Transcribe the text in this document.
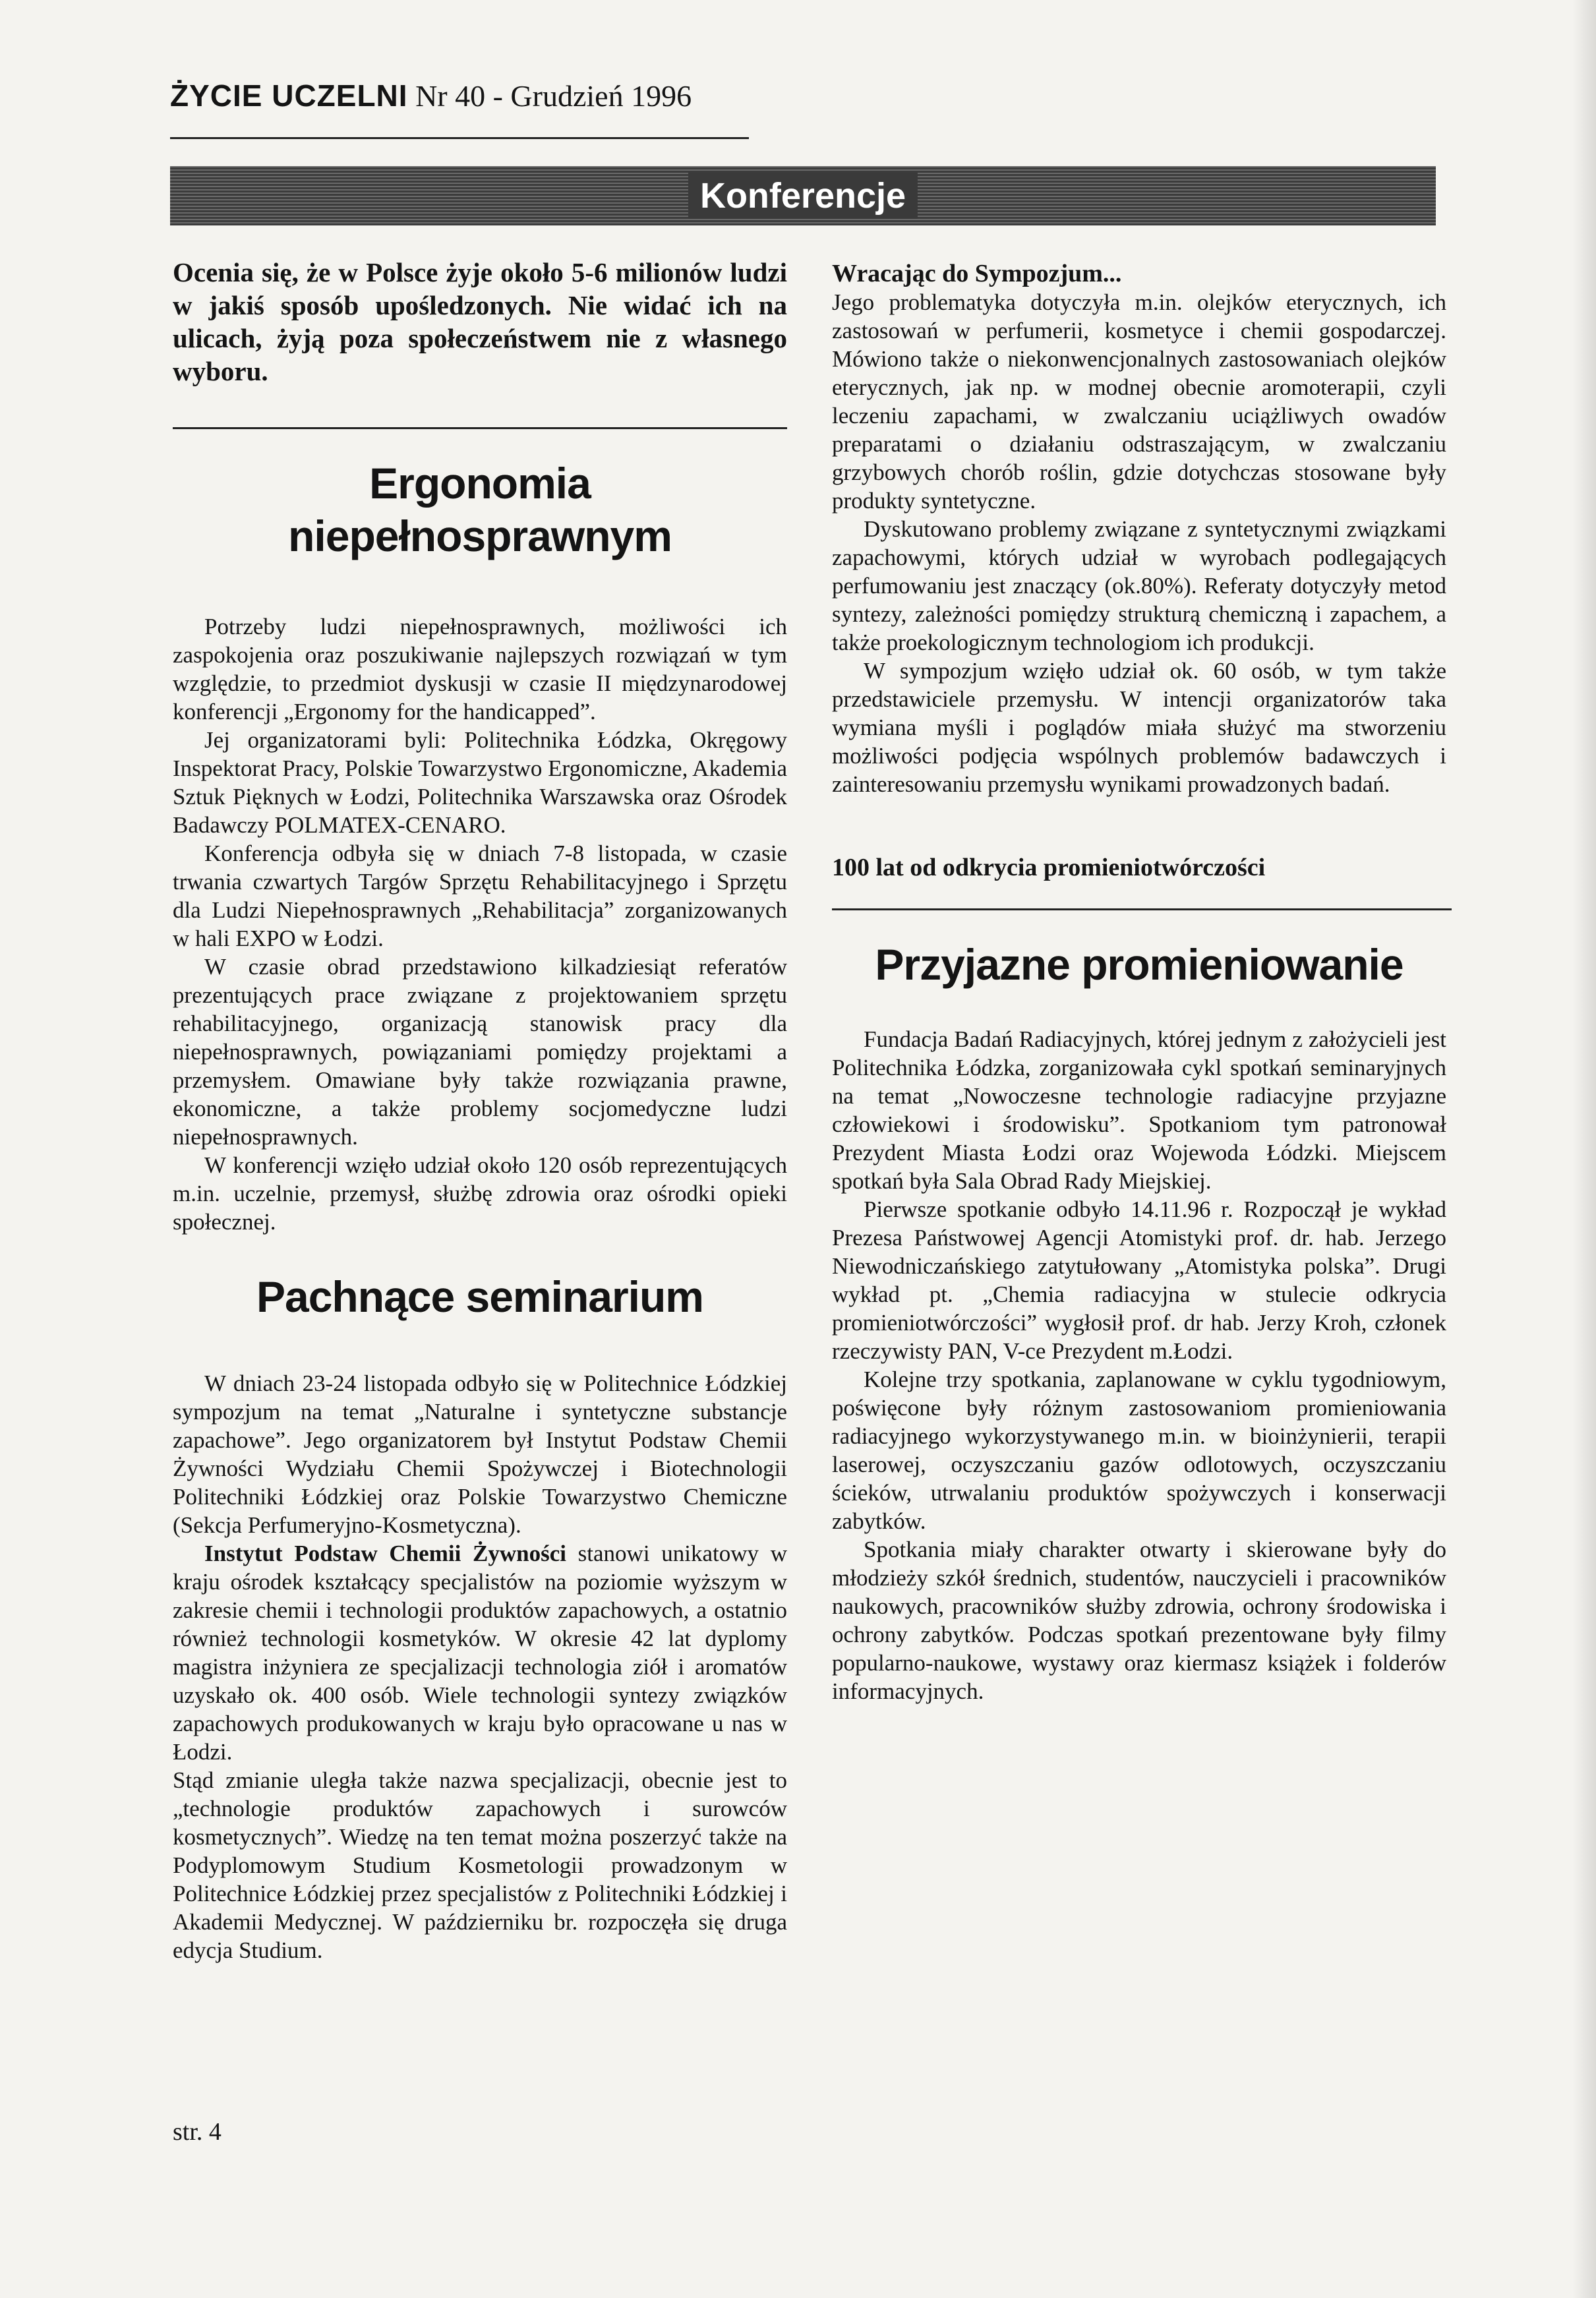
ŻYCIE UCZELNI Nr 40 - Grudzień 1996
Konferencje

Ocenia się, że w Polsce żyje około 5-6 milionów ludzi w jakiś sposób upośledzonych. Nie widać ich na ulicach, żyją poza społeczeństwem nie z własnego wyboru.

Ergonomia niepełnosprawnym

Potrzeby ludzi niepełnosprawnych, możliwości ich zaspokojenia oraz poszukiwanie najlepszych rozwiązań w tym względzie, to przedmiot dyskusji w czasie II międzynarodowej konferencji „Ergonomy for the handicapped”.

Jej organizatorami byli: Politechnika Łódzka, Okręgowy Inspektorat Pracy, Polskie Towarzystwo Ergonomiczne, Akademia Sztuk Pięknych w Łodzi, Politechnika Warszawska oraz Ośrodek Badawczy POLMATEX-CENARO.

Konferencja odbyła się w dniach 7-8 listopada, w czasie trwania czwartych Targów Sprzętu Rehabilitacyjnego i Sprzętu dla Ludzi Niepełnosprawnych „Rehabilitacja” zorganizowanych w hali EXPO w Łodzi.

W czasie obrad przedstawiono kilkadziesiąt referatów prezentujących prace związane z projektowaniem sprzętu rehabilitacyjnego, organizacją stanowisk pracy dla niepełnosprawnych, powiązaniami pomiędzy projektami a przemysłem. Omawiane były także rozwiązania prawne, ekonomiczne, a także problemy socjomedyczne ludzi niepełnosprawnych.

W konferencji wzięło udział około 120 osób reprezentujących m.in. uczelnie, przemysł, służbę zdrowia oraz ośrodki opieki społecznej.

Pachnące seminarium

W dniach 23-24 listopada odbyło się w Politechnice Łódzkiej sympozjum na temat „Naturalne i syntetyczne substancje zapachowe”. Jego organizatorem był Instytut Podstaw Chemii Żywności Wydziału Chemii Spożywczej i Biotechnologii Politechniki Łódzkiej oraz Polskie Towarzystwo Chemiczne (Sekcja Perfumeryjno-Kosmetyczna).

Instytut Podstaw Chemii Żywności stanowi unikatowy w kraju ośrodek kształcący specjalistów na poziomie wyższym w zakresie chemii i technologii produktów zapachowych, a ostatnio również technologii kosmetyków. W okresie 42 lat dyplomy magistra inżyniera ze specjalizacji technologia ziół i aromatów uzyskało ok. 400 osób. Wiele technologii syntezy związków zapachowych produkowanych w kraju było opracowane u nas w Łodzi.

Stąd zmianie uległa także nazwa specjalizacji, obecnie jest to „technologie produktów zapachowych i surowców kosmetycznych”. Wiedzę na ten temat można poszerzyć także na Podyplomowym Studium Kosmetologii prowadzonym w Politechnice Łódzkiej przez specjalistów z Politechniki Łódzkiej i Akademii Medycznej. W październiku br. rozpoczęła się druga edycja Studium.

Wracając do Sympozjum...

Jego problematyka dotyczyła m.in. olejków eterycznych, ich zastosowań w perfumerii, kosmetyce i chemii gospodarczej. Mówiono także o niekonwencjonalnych zastosowaniach olejków eterycznych, jak np. w modnej obecnie aromoterapii, czyli leczeniu zapachami, w zwalczaniu uciążliwych owadów preparatami o działaniu odstraszającym, w zwalczaniu grzybowych chorób roślin, gdzie dotychczas stosowane były produkty syntetyczne.

Dyskutowano problemy związane z syntetycznymi związkami zapachowymi, których udział w wyrobach podlegających perfumowaniu jest znaczący (ok.80%). Referaty dotyczyły metod syntezy, zależności pomiędzy strukturą chemiczną i zapachem, a także proekologicznym technologiom ich produkcji.

W sympozjum wzięło udział ok. 60 osób, w tym także przedstawiciele przemysłu. W intencji organizatorów taka wymiana myśli i poglądów miała służyć ma stworzeniu możliwości podjęcia wspólnych problemów badawczych i zainteresowaniu przemysłu wynikami prowadzonych badań.

100 lat od odkrycia promieniotwórczości

Przyjazne promieniowanie

Fundacja Badań Radiacyjnych, której jednym z założycieli jest Politechnika Łódzka, zorganizowała cykl spotkań seminaryjnych na temat „Nowoczesne technologie radiacyjne przyjazne człowiekowi i środowisku”. Spotkaniom tym patronował Prezydent Miasta Łodzi oraz Wojewoda Łódzki. Miejscem spotkań była Sala Obrad Rady Miejskiej.

Pierwsze spotkanie odbyło 14.11.96 r. Rozpoczął je wykład Prezesa Państwowej Agencji Atomistyki prof. dr. hab. Jerzego Niewodniczańskiego zatytułowany „Atomistyka polska”. Drugi wykład pt. „Chemia radiacyjna w stulecie odkrycia promieniotwórczości” wygłosił prof. dr hab. Jerzy Kroh, członek rzeczywisty PAN, V-ce Prezydent m.Łodzi.

Kolejne trzy spotkania, zaplanowane w cyklu tygodniowym, poświęcone były różnym zastosowaniom promieniowania radiacyjnego wykorzystywanego m.in. w bioinżynierii, terapii laserowej, oczyszczaniu gazów odlotowych, oczyszczaniu ścieków, utrwalaniu produktów spożywczych i konserwacji zabytków.

Spotkania miały charakter otwarty i skierowane były do młodzieży szkół średnich, studentów, nauczycieli i pracowników naukowych, pracowników służby zdrowia, ochrony środowiska i ochrony zabytków. Podczas spotkań prezentowane były filmy popularno-naukowe, wystawy oraz kiermasz książek i folderów informacyjnych.

str. 4
